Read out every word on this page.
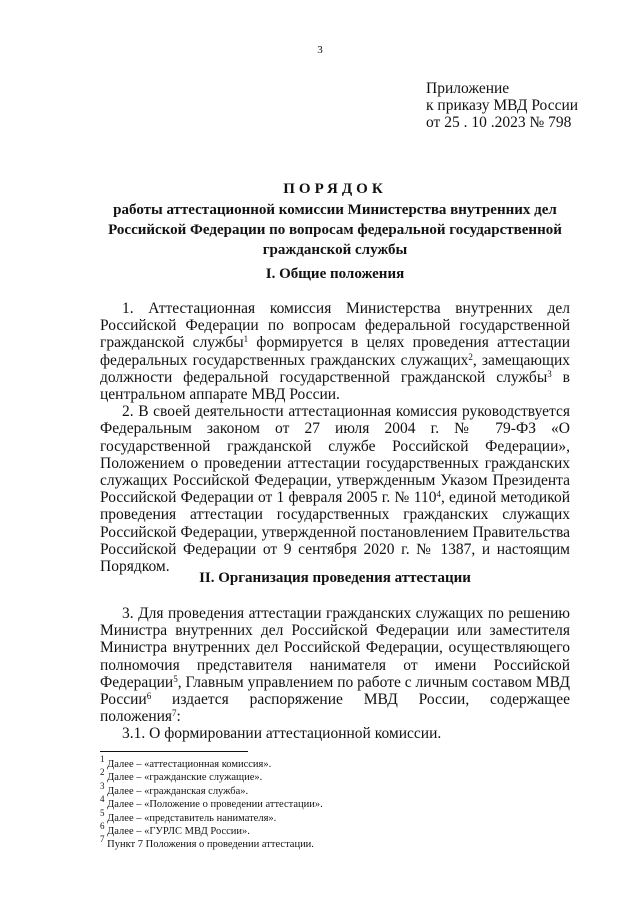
3
Приложение
к приказу МВД России
от 25 . 10 .2023 № 798
ПОРЯДОК
работы аттестационной комиссии Министерства внутренних дел Российской Федерации по вопросам федеральной государственной гражданской службы
I. Общие положения

1. Аттестационная комиссия Министерства внутренних дел Российской Федерации по вопросам федеральной государственной гражданской службы$^1$ формируется в целях проведения аттестации федеральных государственных гражданских служащих$^2$, замещающих должности федеральной государственной гражданской службы$^3$ в центральном аппарате МВД России.

2. В своей деятельности аттестационная комиссия руководствуется Федеральным законом от 27 июля 2004 г. № 79-ФЗ «О государственной гражданской службе Российской Федерации», Положением о проведении аттестации государственных гражданских служащих Российской Федерации, утвержденным Указом Президента Российской Федерации от 1 февраля 2005 г. № $110^4$, единой методикой проведения аттестации государственных гражданских служащих Российской Федерации, утвержденной постановлением Правительства Российской Федерации от 9 сентября 2020 г. № 1387, и настоящим Порядком.

II. Организация проведения аттестации

3. Для проведения аттестации гражданских служащих по решению Министра внутренних дел Российской Федерации или заместителя Министра внутренних дел Российской Федерации, осуществляющего полномочия представителя нанимателя от имени Российской Федерации$^5$, Главным управлением по работе с личным составом МВД России$^6$ издается распоряжение МВД России, содержащее положения$^7$:

3.1. О формировании аттестационной комиссии.

$^1$ Далее – «аттестационная комиссия».
$^2$ Далее – «гражданские служащие».
$^3$ Далее – «гражданская служба».
$^4$ Далее – «Положение о проведении аттестации».
$^5$ Далее – «представитель нанимателя».
$^6$ Далее – «ГУРЛС МВД России».
$^7$ Пункт 7 Положения о проведении аттестации.
